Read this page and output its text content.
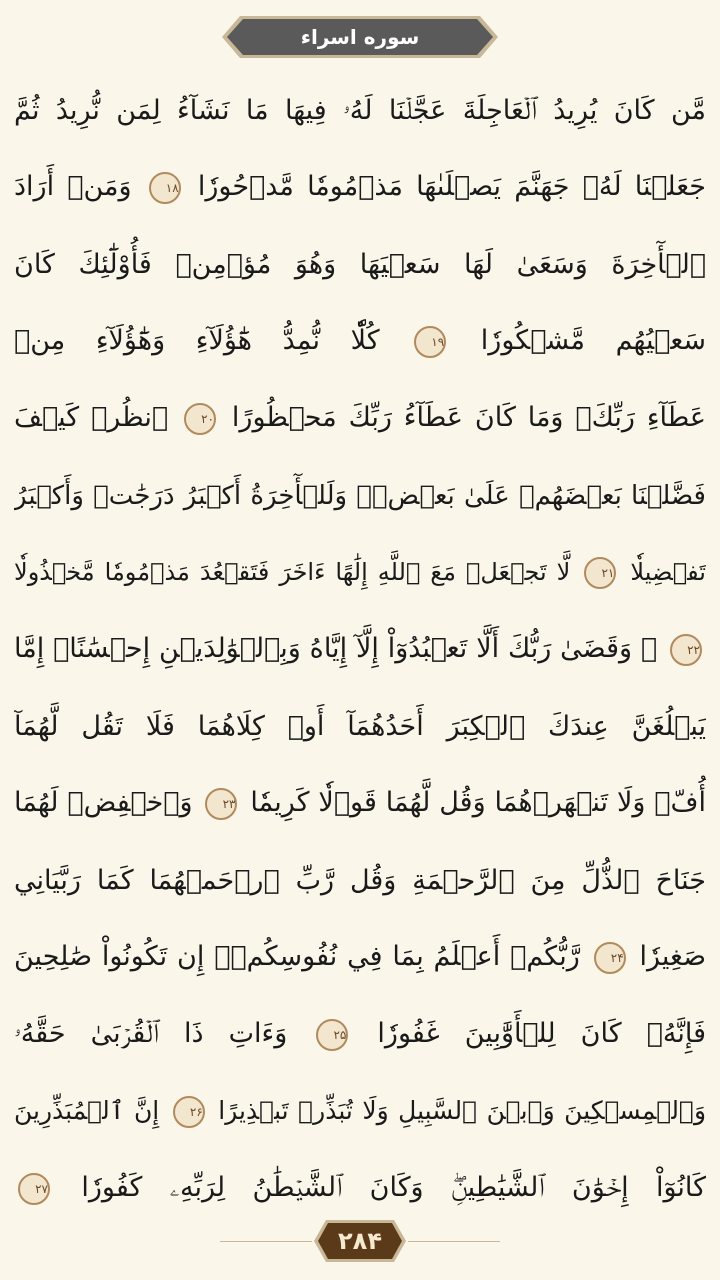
سوره اسراء
مَّن كَانَ يُرِيدُ ٱلۡعَاجِلَةَ عَجَّلۡنَا لَهُۥ فِيهَا مَا نَشَآءُ لِمَن نُّرِيدُ ثُمَّ
جَعَلۡنَا لَهُۥ جَهَنَّمَ يَصۡلَىٰهَا مَذۡمُومٗا مَّدۡحُورٗا ۱۸ وَمَنۡ أَرَادَ
ٱلۡأٓخِرَةَ وَسَعَىٰ لَهَا سَعۡيَهَا وَهُوَ مُؤۡمِنٞ فَأُوْلَٰٓئِكَ كَانَ
سَعۡيُهُم مَّشۡكُورٗا ۱۹ كُلّٗا نُّمِدُّ هَٰٓؤُلَآءِ وَهَٰٓؤُلَآءِ مِنۡ
عَطَآءِ رَبِّكَۚ وَمَا كَانَ عَطَآءُ رَبِّكَ مَحۡظُورًا ۲۰ ٱنظُرۡ كَيۡفَ
فَضَّلۡنَا بَعۡضَهُمۡ عَلَىٰ بَعۡضٖۚ وَلَلۡأٓخِرَةُ أَكۡبَرُ دَرَجَٰتٖ وَأَكۡبَرُ
تَفۡضِيلٗا ۲۱ لَّا تَجۡعَلۡ مَعَ ٱللَّهِ إِلَٰهًا ءَاخَرَ فَتَقۡعُدَ مَذۡمُومٗا مَّخۡذُولٗا
۲۲ ۞ وَقَضَىٰ رَبُّكَ أَلَّا تَعۡبُدُوٓاْ إِلَّآ إِيَّاهُ وَبِٱلۡوَٰلِدَيۡنِ إِحۡسَٰنًاۚ إِمَّا
يَبۡلُغَنَّ عِندَكَ ٱلۡكِبَرَ أَحَدُهُمَآ أَوۡ كِلَاهُمَا فَلَا تَقُل لَّهُمَآ
أُفّٖ وَلَا تَنۡهَرۡهُمَا وَقُل لَّهُمَا قَوۡلٗا كَرِيمٗا ۲۳ وَٱخۡفِضۡ لَهُمَا
جَنَاحَ ٱلذُّلِّ مِنَ ٱلرَّحۡمَةِ وَقُل رَّبِّ ٱرۡحَمۡهُمَا كَمَا رَبَّيَانِي
صَغِيرٗا ۲۴ رَّبُّكُمۡ أَعۡلَمُ بِمَا فِي نُفُوسِكُمۡۚ إِن تَكُونُواْ صَٰلِحِينَ
فَإِنَّهُۥ كَانَ لِلۡأَوَّٰبِينَ غَفُورٗا ۲۵ وَءَاتِ ذَا ٱلۡقُرۡبَىٰ حَقَّهُۥ
وَٱلۡمِسۡكِينَ وَٱبۡنَ ٱلسَّبِيلِ وَلَا تُبَذِّرۡ تَبۡذِيرًا ۲۶ إِنَّ ٱلۡمُبَذِّرِينَ
كَانُوٓاْ إِخۡوَٰنَ ٱلشَّيَٰطِينِۖ وَكَانَ ٱلشَّيۡطَٰنُ لِرَبِّهِۦ كَفُورٗا ۲۷
۲۸۴
